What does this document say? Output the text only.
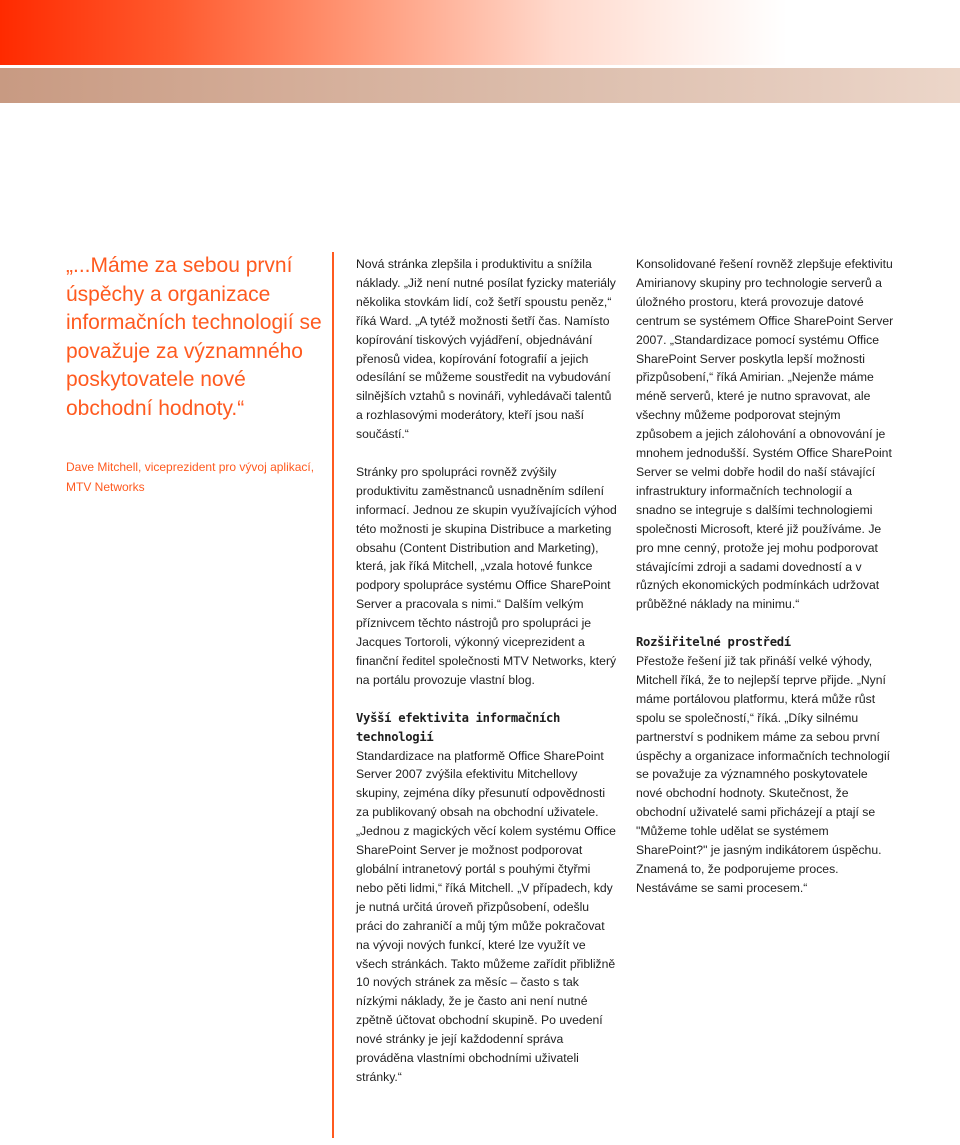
„...Máme za sebou první úspěchy a organizace informačních technologií se považuje za významného poskytovatele nové obchodní hodnoty.“

Dave Mitchell, viceprezident pro vývoj aplikací, MTV Networks

Nová stránka zlepšila i produktivitu a snížila náklady. „Již není nutné posílat fyzicky materiály několika stovkám lidí, což šetří spoustu peněz,“ říká Ward. „A tytéž možnosti šetří čas. Namísto kopírování tiskových vyjádření, objednávání přenosů videa, kopírování fotografií a jejich odesílání se můžeme soustředit na vybudování silnějších vztahů s novináři, vyhledávači talentů a rozhlasovými moderátory, kteří jsou naší součástí.“

Stránky pro spolupráci rovněž zvýšily produktivitu zaměstnanců usnadněním sdílení informací. Jednou ze skupin využívajících výhod této možnosti je skupina Distribuce a marketing obsahu (Content Distribution and Marketing), která, jak říká Mitchell, „vzala hotové funkce podpory spolupráce systému Office SharePoint Server a pracovala s nimi.“ Dalším velkým příznivcem těchto nástrojů pro spolupráci je Jacques Tortoroli, výkonný viceprezident a finanční ředitel společnosti MTV Networks, který na portálu provozuje vlastní blog.

Vyšší efektivita informačních technologií

Standardizace na platformě Office SharePoint Server 2007 zvýšila efektivitu Mitchellovy skupiny, zejména díky přesunutí odpovědnosti za publikovaný obsah na obchodní uživatele. „Jednou z magických věcí kolem systému Office SharePoint Server je možnost podporovat globální intranetový portál s pouhými čtyřmi nebo pěti lidmi,“ říká Mitchell. „V případech, kdy je nutná určitá úroveň přizpůsobení, odešlu práci do zahraničí a můj tým může pokračovat na vývoji nových funkcí, které lze využít ve všech stránkách. Takto můžeme zařídit přibližně 10 nových stránek za měsíc – často s tak nízkými náklady, že je často ani není nutné zpětně účtovat obchodní skupině. Po uvedení nové stránky je její každodenní správa prováděna vlastními obchodními uživateli stránky.“

Konsolidované řešení rovněž zlepšuje efektivitu Amirianovy skupiny pro technologie serverů a úložného prostoru, která provozuje datové centrum se systémem Office SharePoint Server 2007. „Standardizace pomocí systému Office SharePoint Server poskytla lepší možnosti přizpůsobení,“ říká Amirian. „Nejenže máme méně serverů, které je nutno spravovat, ale všechny můžeme podporovat stejným způsobem a jejich zálohování a obnovování je mnohem jednodušší. Systém Office SharePoint Server se velmi dobře hodil do naší stávající infrastruktury informačních technologií a snadno se integruje s dalšími technologiemi společnosti Microsoft, které již používáme. Je pro mne cenný, protože jej mohu podporovat stávajícími zdroji a sadami dovedností a v různých ekonomických podmínkách udržovat průběžné náklady na minimu.“

Rozšiřitelné prostředí

Přestože řešení již tak přináší velké výhody, Mitchell říká, že to nejlepší teprve přijde. „Nyní máme portálovou platformu, která může růst spolu se společností,“ říká. „Díky silnému partnerství s podnikem máme za sebou první úspěchy a organizace informačních technologií se považuje za významného poskytovatele nové obchodní hodnoty. Skutečnost, že obchodní uživatelé sami přicházejí a ptají se "Můžeme tohle udělat se systémem SharePoint?" je jasným indikátorem úspěchu. Znamená to, že podporujeme proces. Nestáváme se sami procesem.“
